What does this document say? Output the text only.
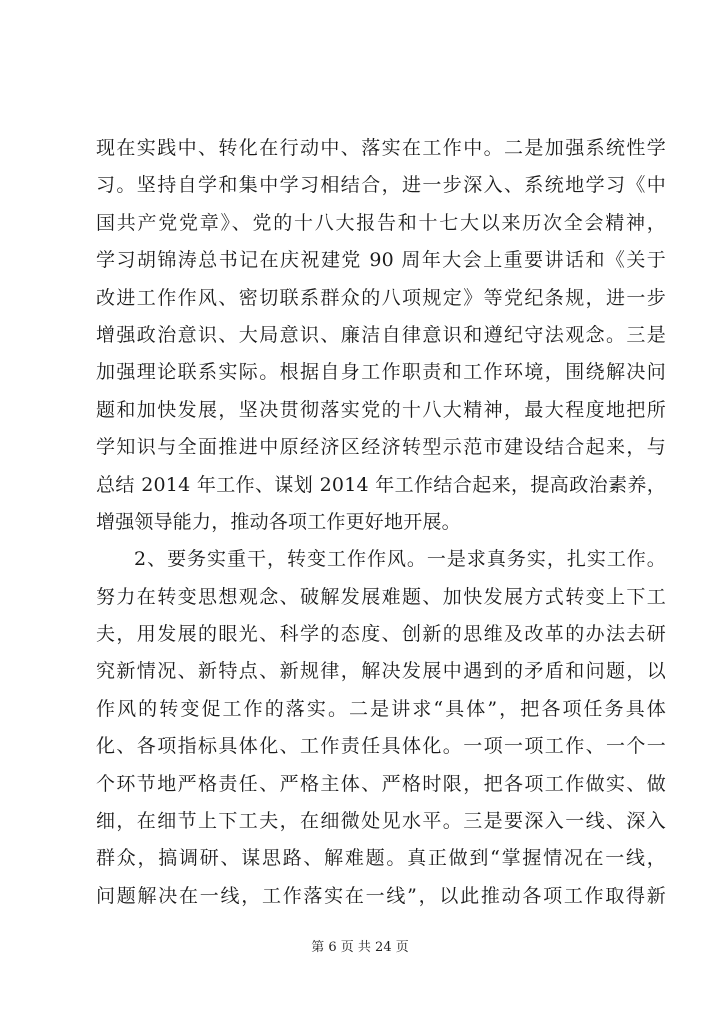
现在实践中、转化在行动中、落实在工作中。二是加强系统性学
习。坚持自学和集中学习相结合，进一步深入、系统地学习《中
国共产党党章》、党的十八大报告和十七大以来历次全会精神，
学习胡锦涛总书记在庆祝建党 90 周年大会上重要讲话和《关于
改进工作作风、密切联系群众的八项规定》等党纪条规，进一步
增强政治意识、大局意识、廉洁自律意识和遵纪守法观念。三是
加强理论联系实际。根据自身工作职责和工作环境，围绕解决问
题和加快发展，坚决贯彻落实党的十八大精神，最大程度地把所
学知识与全面推进中原经济区经济转型示范市建设结合起来，与
总结 2014 年工作、谋划 2014 年工作结合起来，提高政治素养，
增强领导能力，推动各项工作更好地开展。
2、要务实重干，转变工作作风。一是求真务实，扎实工作。
努力在转变思想观念、破解发展难题、加快发展方式转变上下工
夫，用发展的眼光、科学的态度、创新的思维及改革的办法去研
究新情况、新特点、新规律，解决发展中遇到的矛盾和问题，以
作风的转变促工作的落实。二是讲求“具体”，把各项任务具体
化、各项指标具体化、工作责任具体化。一项一项工作、一个一
个环节地严格责任、严格主体、严格时限，把各项工作做实、做
细，在细节上下工夫，在细微处见水平。三是要深入一线、深入
群众，搞调研、谋思路、解难题。真正做到“掌握情况在一线，
问题解决在一线，工作落实在一线”，以此推动各项工作取得新
第 6 页 共 24 页
